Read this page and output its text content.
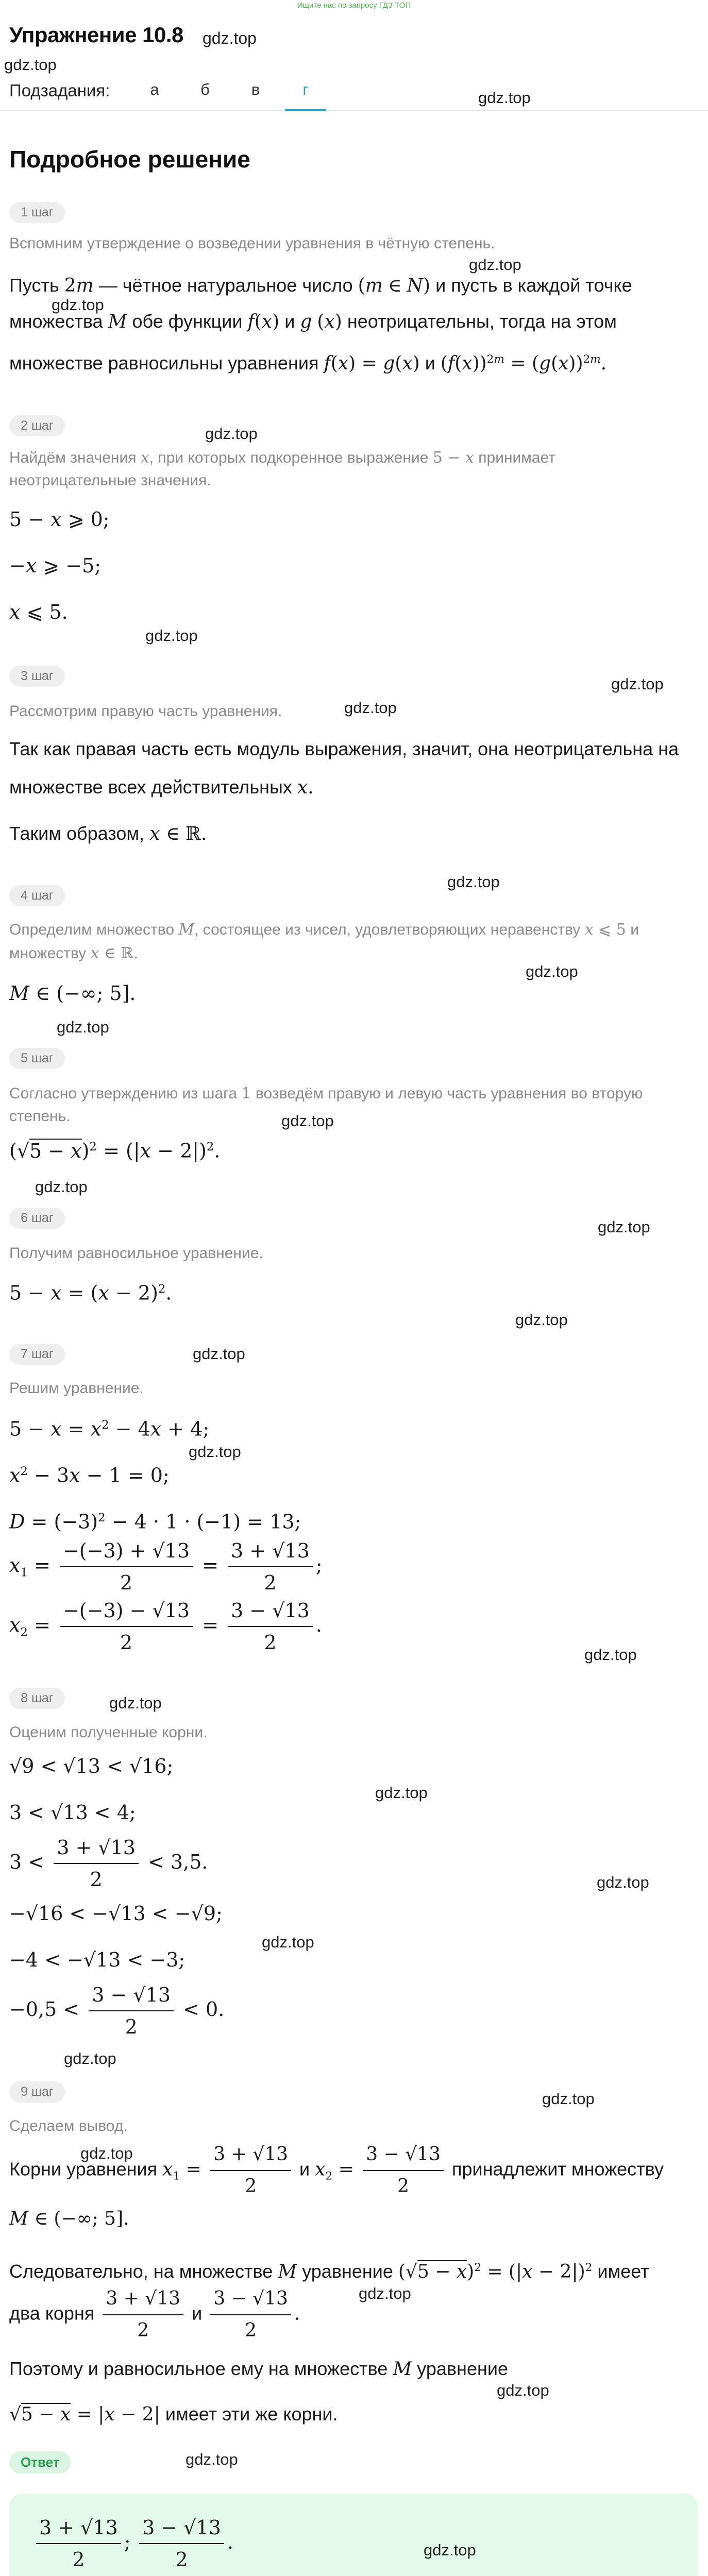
Ищите нас по запросу ГДЗ ТОП
Упражнение 10.8 gdz.top
gdz.top
Подзадания:	а	б	в	г	gdz.top
Подробное решение
1 шаг
Вспомним утверждение о возведении уравнения в чётную степень.
gdz.top
Пусть 2m — чётное натуральное число (m ∈ N) и пусть в каждой точке
gdz.top
множества M обе функции f(x) и g (x) неотрицательны, тогда на этом
множестве равносильны уравнения f(x) = g(x) и $(f(x))^{2m} = (g(x))^{2m}$.
2 шаг	gdz.top
Найдём значения x, при которых подкоренное выражение 5 − x принимает
неотрицательные значения.
5 − x ⩾ 0;
−x ⩾ −5;
x ⩽ 5.
gdz.top
3 шаг	gdz.top
Рассмотрим правую часть уравнения.	gdz.top
Так как правая часть есть модуль выражения, значит, она неотрицательна на
множестве всех действительных x.
Таким образом, x ∈ ℝ.
gdz.top
4 шаг
Определим множество M, состоящее из чисел, удовлетворяющих неравенству x ⩽ 5 и
множеству x ∈ ℝ.
gdz.top
M ∈ (−∞; 5].
gdz.top
5 шаг
Согласно утверждению из шага 1 возведём правую и левую часть уравнения во вторую
степень.	gdz.top
$(√5 - x)^2 = (|x - 2|)^2$.
gdz.top
6 шаг	gdz.top
Получим равносильное уравнение.
$5 - x = (x - 2)^2$.
gdz.top
7 шаг	gdz.top
Решим уравнение.
$5 - x = x^2 - 4x + 4$;
gdz.top
$x^2 - 3x - 1 = 0$;
$D = (-3)^2 - 4 \cdot 1 \cdot (-1) = 13$;
$x_1 = \frac{-(-3) + √13}{2} = \frac{3 + √13}{2}$ ;
$x_2 = \frac{-(-3) - √13}{2} = \frac{3 - √13}{2}$ .
gdz.top
8 шаг	gdz.top
Оценим полученные корни.
√9 < √13 < √16;
gdz.top
3 < √13 < 4;
$3 < \frac{3 + √13}{2} < 3,5$.
gdz.top
−√16 < −√13 < −√9;
gdz.top
−4 < −√13 < −3;
$-0,5 < \frac{3 - √13}{2} < 0$.
gdz.top
9 шаг	gdz.top
Сделаем вывод.
gdz.top
Корни уравнения $x_1 = \frac{3 + √13}{2}$ и $x_2 = \frac{3 - √13}{2}$ принадлежит множеству
M ∈ (−∞; 5].
Следовательно, на множестве M уравнение $(√5 - x)^2 = (|x - 2|)^2$ имеет
два корня $\frac{3 + √13}{2}$ и $\frac{3 - √13}{2}$ .
gdz.top
Поэтому и равносильное ему на множестве M уравнение
gdz.top
√5 − x = |x − 2| имеет эти же корни.
Ответ	gdz.top
$\frac{3 + √13}{2}$ ; $\frac{3 - √13}{2}$ .	gdz.top
